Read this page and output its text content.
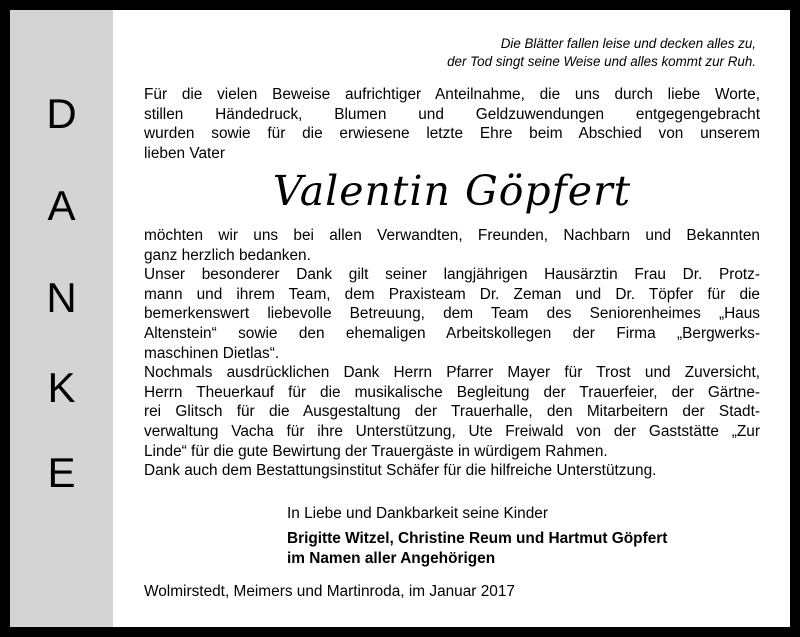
D
A
N
K
E
Die Blätter fallen leise und decken alles zu,
der Tod singt seine Weise und alles kommt zur Ruh.
Für die vielen Beweise aufrichtiger Anteilnahme, die uns durch liebe Worte,
stillen Händedruck, Blumen und Geldzuwendungen entgegengebracht
wurden sowie für die erwiesene letzte Ehre beim Abschied von unserem
lieben Vater
Valentin Göpfert
möchten wir uns bei allen Verwandten, Freunden, Nachbarn und Bekannten
ganz herzlich bedanken.
Unser besonderer Dank gilt seiner langjährigen Hausärztin Frau Dr. Protz-
mann und ihrem Team, dem Praxisteam Dr. Zeman und Dr. Töpfer für die
bemerkenswert liebevolle Betreuung, dem Team des Seniorenheimes „Haus
Altenstein“ sowie den ehemaligen Arbeitskollegen der Firma „Bergwerks-
maschinen Dietlas“.
Nochmals ausdrücklichen Dank Herrn Pfarrer Mayer für Trost und Zuversicht,
Herrn Theuerkauf für die musikalische Begleitung der Trauerfeier, der Gärtne-
rei Glitsch für die Ausgestaltung der Trauerhalle, den Mitarbeitern der Stadt-
verwaltung Vacha für ihre Unterstützung, Ute Freiwald von der Gaststätte „Zur
Linde“ für die gute Bewirtung der Trauergäste in würdigem Rahmen.
Dank auch dem Bestattungsinstitut Schäfer für die hilfreiche Unterstützung.
In Liebe und Dankbarkeit seine Kinder
Brigitte Witzel, Christine Reum und Hartmut Göpfert
im Namen aller Angehörigen
Wolmirstedt, Meimers und Martinroda, im Januar 2017
